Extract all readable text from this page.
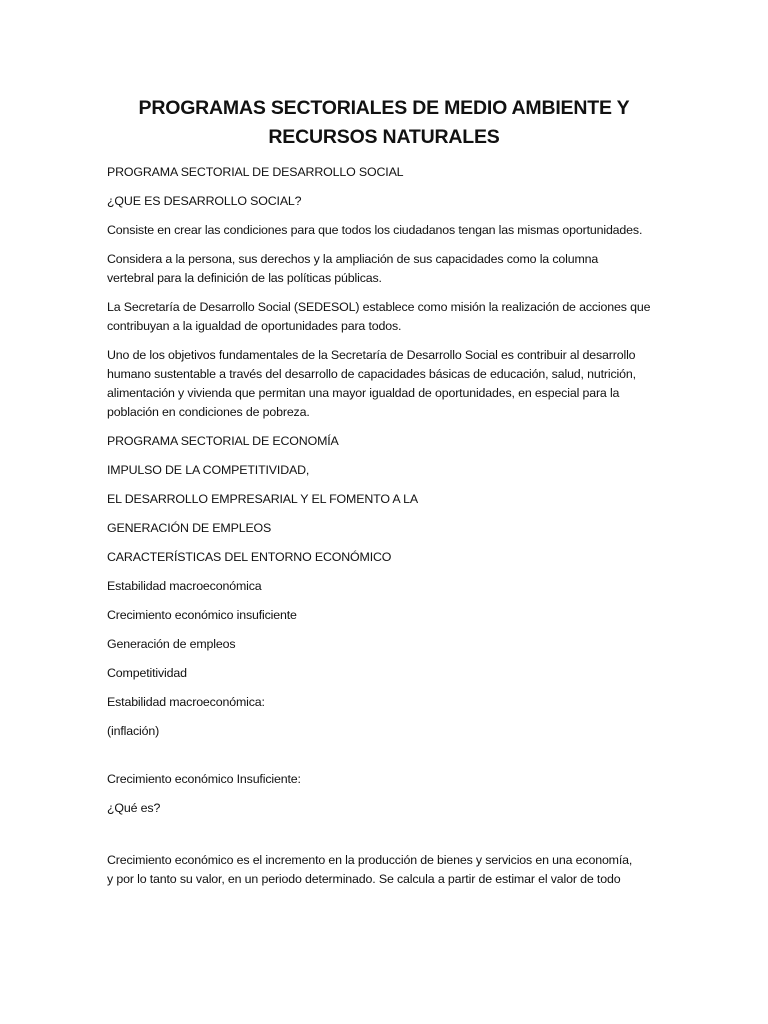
PROGRAMAS SECTORIALES DE MEDIO AMBIENTE Y
RECURSOS NATURALES

PROGRAMA SECTORIAL DE DESARROLLO SOCIAL

¿QUE ES DESARROLLO SOCIAL?

Consiste en crear las condiciones para que todos los ciudadanos tengan las mismas oportunidades.

Considera a la persona, sus derechos y la ampliación de sus capacidades como la columna
vertebral para la definición de las políticas públicas.

La Secretaría de Desarrollo Social (SEDESOL) establece como misión la realización de acciones que
contribuyan a la igualdad de oportunidades para todos.

Uno de los objetivos fundamentales de la Secretaría de Desarrollo Social es contribuir al desarrollo
humano sustentable a través del desarrollo de capacidades básicas de educación, salud, nutrición,
alimentación y vivienda que permitan una mayor igualdad de oportunidades, en especial para la
población en condiciones de pobreza.

PROGRAMA SECTORIAL DE ECONOMÍA

IMPULSO DE LA COMPETITIVIDAD,

EL DESARROLLO EMPRESARIAL Y EL FOMENTO A LA

GENERACIÓN DE EMPLEOS

CARACTERÍSTICAS DEL ENTORNO ECONÓMICO

Estabilidad macroeconómica

Crecimiento económico insuficiente

Generación de empleos

Competitividad

Estabilidad macroeconómica:

(inflación)

Crecimiento económico Insuficiente:

¿Qué es?

Crecimiento económico es el incremento en la producción de bienes y servicios en una economía,
y por lo tanto su valor, en un periodo determinado. Se calcula a partir de estimar el valor de todo
